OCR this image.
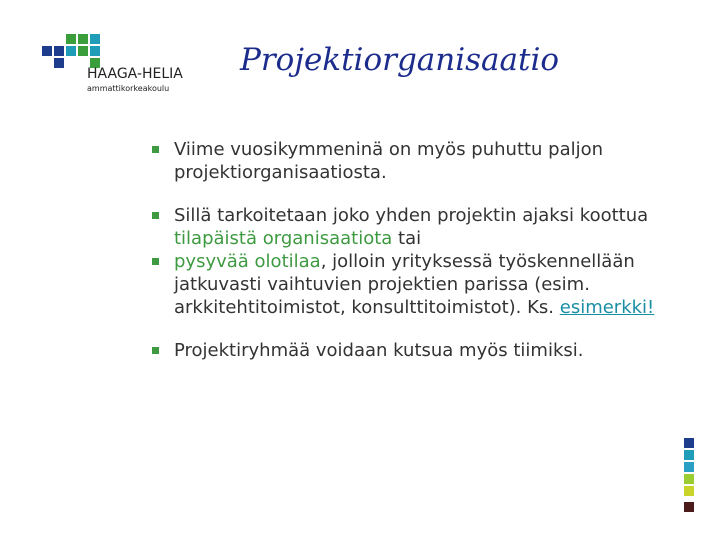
HAAGA-HELIA
ammattikorkeakoulu
Projektiorganisaatio
Viime vuosikymmeninä on myös puhuttu paljon projektiorganisaatiosta.
Sillä tarkoitetaan joko yhden projektin ajaksi koottua tilapäistä organisaatiota tai
pysyvää olotilaa, jolloin yrityksessä työskennellään jatkuvasti vaihtuvien projektien parissa (esim. arkkitehtitoimistot, konsulttitoimistot). Ks. esimerkki!
Projektiryhmää voidaan kutsua myös tiimiksi.
